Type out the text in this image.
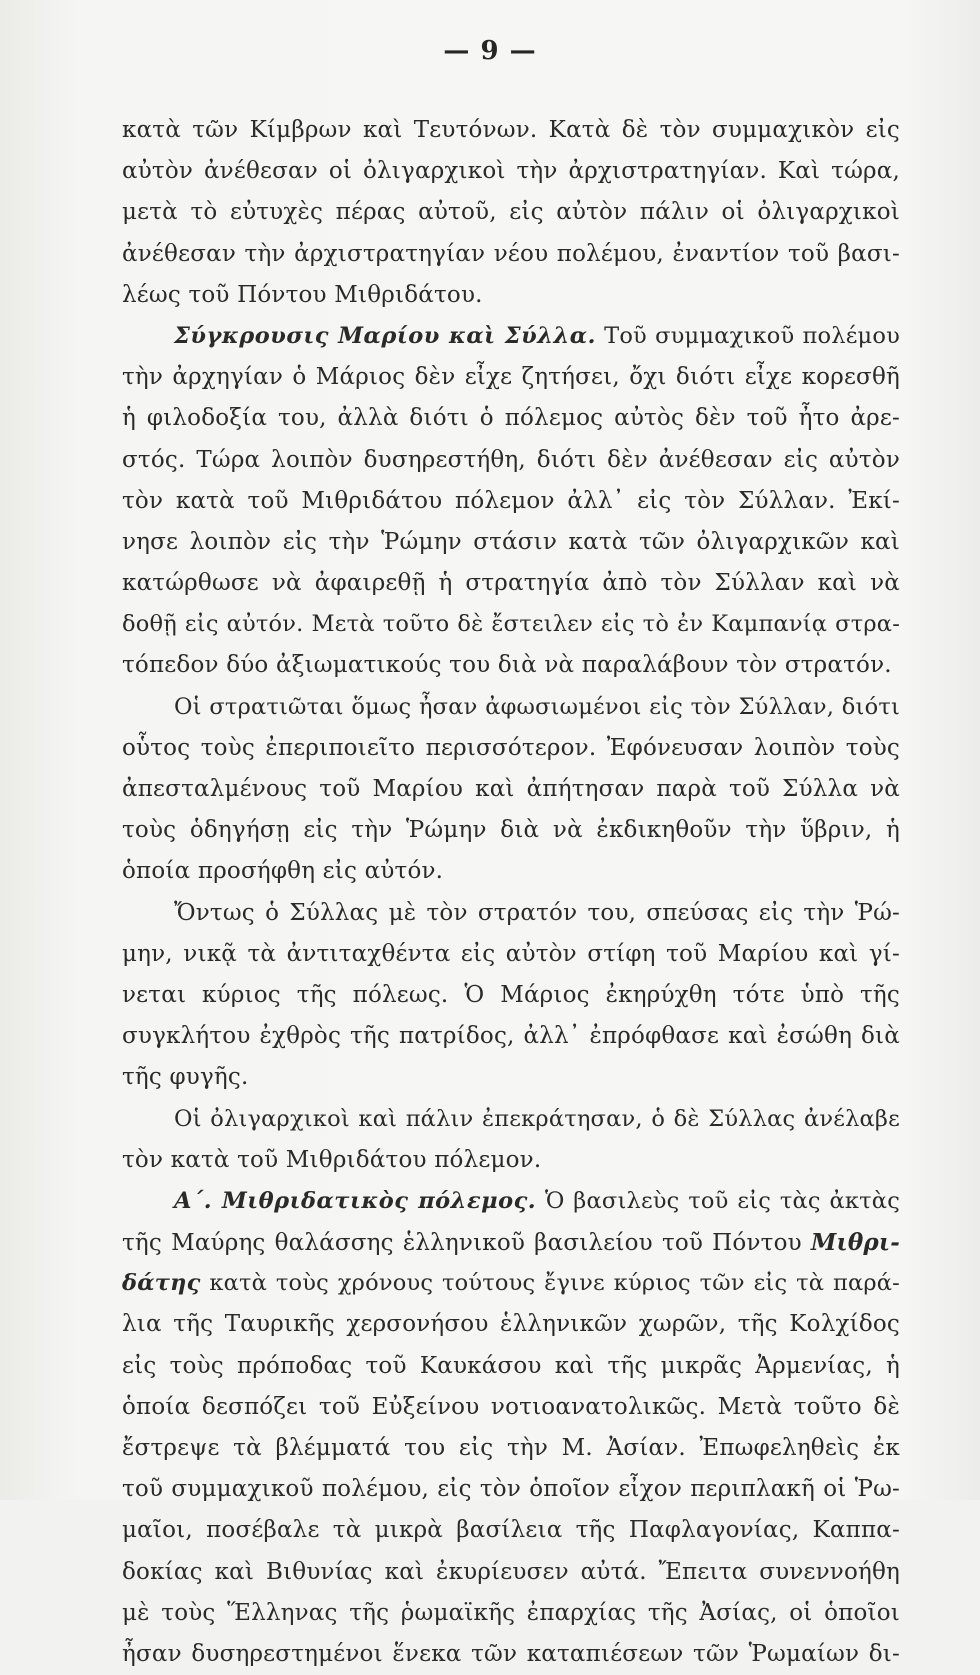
— 9 —
κατὰ τῶν Κίμβρων καὶ Τευτόνων. Κατὰ δὲ τὸν συμμαχικὸν εἰς
αὐτὸν ἀνέθεσαν οἱ ὀλιγαρχικοὶ τὴν ἀρχιστρατηγίαν. Καὶ τώρα,
μετὰ τὸ εὐτυχὲς πέρας αὐτοῦ, εἰς αὐτὸν πάλιν οἱ ὀλιγαρχικοὶ
ἀνέθεσαν τὴν ἀρχιστρατηγίαν νέου πολέμου, ἐναντίον τοῦ βασι-
λέως τοῦ Πόντου Μιθριδάτου.
Σύγκρουσις Μαρίου καὶ Σύλλα. Τοῦ συμμαχικοῦ πολέμου
τὴν ἀρχηγίαν ὁ Μάριος δὲν εἶχε ζητήσει, ὄχι διότι εἶχε κορεσθῆ
ἡ φιλοδοξία του, ἀλλὰ διότι ὁ πόλεμος αὐτὸς δὲν τοῦ ἦτο ἀρε-
στός. Τώρα λοιπὸν δυσηρεστήθη, διότι δὲν ἀνέθεσαν εἰς αὐτὸν
τὸν κατὰ τοῦ Μιθριδάτου πόλεμον ἀλλ᾽ εἰς τὸν Σύλλαν. Ἐκί-
νησε λοιπὸν εἰς τὴν Ῥώμην στάσιν κατὰ τῶν ὀλιγαρχικῶν καὶ
κατώρθωσε νὰ ἀφαιρεθῇ ἡ στρατηγία ἀπὸ τὸν Σύλλαν καὶ νὰ
δοθῇ εἰς αὐτόν. Μετὰ τοῦτο δὲ ἔστειλεν εἰς τὸ ἐν Καμπανίᾳ στρα-
τόπεδον δύο ἀξιωματικούς του διὰ νὰ παραλάβουν τὸν στρατόν.
Οἱ στρατιῶται ὅμως ἦσαν ἀφωσιωμένοι εἰς τὸν Σύλλαν, διότι
οὗτος τοὺς ἐπεριποιεῖτο περισσότερον. Ἐφόνευσαν λοιπὸν τοὺς
ἀπεσταλμένους τοῦ Μαρίου καὶ ἀπήτησαν παρὰ τοῦ Σύλλα νὰ
τοὺς ὁδηγήσῃ εἰς τὴν Ῥώμην διὰ νὰ ἐκδικηθοῦν τὴν ὕβριν, ἡ
ὁποία προσήφθη εἰς αὐτόν.
Ὄντως ὁ Σύλλας μὲ τὸν στρατόν του, σπεύσας εἰς τὴν Ῥώ-
μην, νικᾷ τὰ ἀντιταχθέντα εἰς αὐτὸν στίφη τοῦ Μαρίου καὶ γί-
νεται κύριος τῆς πόλεως. Ὁ Μάριος ἐκηρύχθη τότε ὑπὸ τῆς
συγκλήτου ἐχθρὸς τῆς πατρίδος, ἀλλ᾽ ἐπρόφθασε καὶ ἐσώθη διὰ
τῆς φυγῆς.
Οἱ ὀλιγαρχικοὶ καὶ πάλιν ἐπεκράτησαν, ὁ δὲ Σύλλας ἀνέλαβε
τὸν κατὰ τοῦ Μιθριδάτου πόλεμον.
Α΄. Μιθριδατικὸς πόλεμος. Ὁ βασιλεὺς τοῦ εἰς τὰς ἀκτὰς
τῆς Μαύρης θαλάσσης ἑλληνικοῦ βασιλείου τοῦ Πόντου Μιθρι-
δάτης κατὰ τοὺς χρόνους τούτους ἔγινε κύριος τῶν εἰς τὰ παρά-
λια τῆς Ταυρικῆς χερσονήσου ἑλληνικῶν χωρῶν, τῆς Κολχίδος
εἰς τοὺς πρόποδας τοῦ Καυκάσου καὶ τῆς μικρᾶς Ἀρμενίας, ἡ
ὁποία δεσπόζει τοῦ Εὐξείνου νοτιοανατολικῶς. Μετὰ τοῦτο δὲ
ἔστρεψε τὰ βλέμματά του εἰς τὴν Μ. Ἀσίαν. Ἐπωφεληθεὶς ἐκ
τοῦ συμμαχικοῦ πολέμου, εἰς τὸν ὁποῖον εἶχον περιπλακῆ οἱ Ῥω-
μαῖοι, ποσέβαλε τὰ μικρὰ βασίλεια τῆς Παφλαγονίας, Καππα-
δοκίας καὶ Βιθυνίας καὶ ἐκυρίευσεν αὐτά. Ἔπειτα συνεννοήθη
μὲ τοὺς Ἕλληνας τῆς ῥωμαϊκῆς ἐπαρχίας τῆς Ἀσίας, οἱ ὁποῖοι
ἦσαν δυσηρεστημένοι ἕνεκα τῶν καταπιέσεων τῶν Ῥωμαίων δι-
